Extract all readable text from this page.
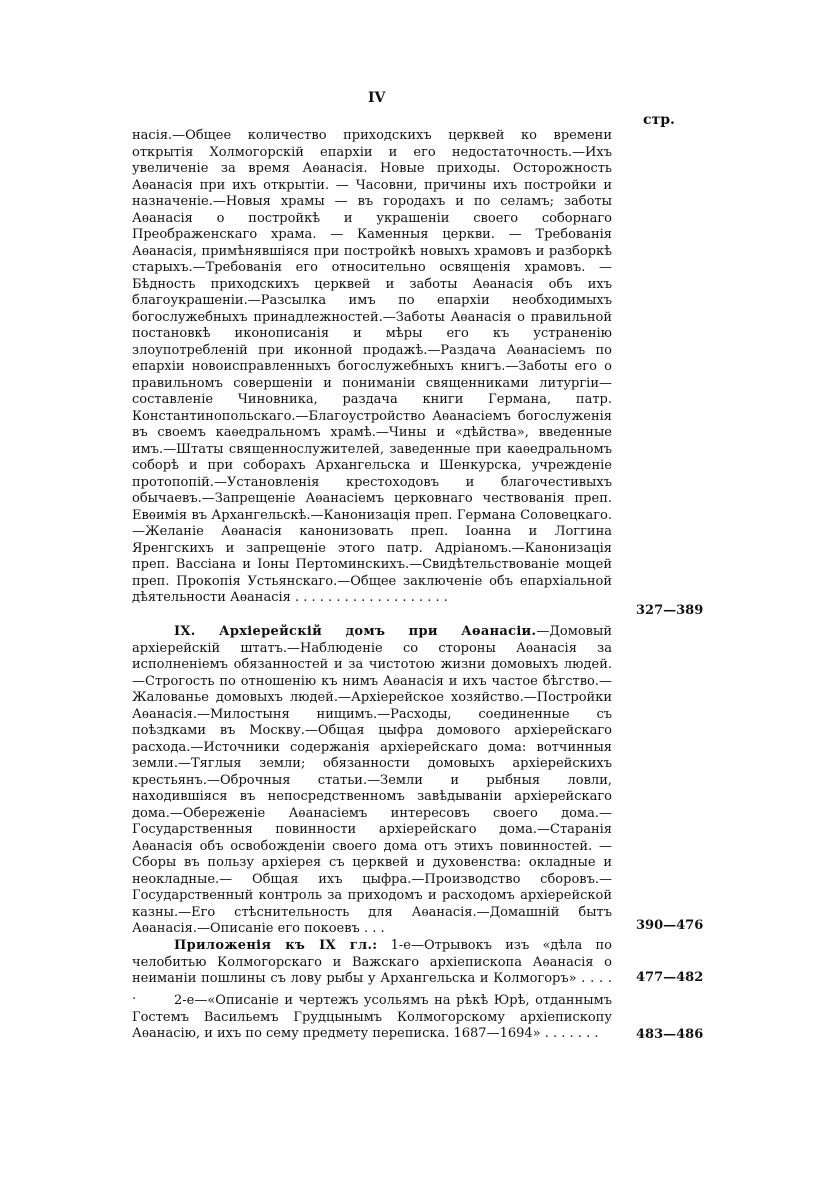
IV
стр.
насія.—Общее количество приходскихъ церквей ко времени открытія Холмогорскій епархіи и его недостаточность.—Ихъ увеличеніе за время Аѳанасія. Новые приходы. Осторожность Аѳанасія при ихъ открытіи. — Часовни, причины ихъ постройки и назначеніе.—Новыя храмы — въ городахъ и по селамъ; заботы Аѳанасія о постройкѣ и украшеніи своего соборнаго Преображенскаго храма. — Каменныя церкви. — Требованія Аѳанасія, примѣнявшіяся при постройкѣ новыхъ храмовъ и разборкѣ старыхъ.—Требованія его относительно освященія храмовъ. — Бѣдность приходскихъ церквей и заботы Аѳанасія объ ихъ благоукрашеніи.—Разсылка имъ по епархіи необходимыхъ богослужебныхъ принадлежностей.—Заботы Аѳанасія о правильной постановкѣ иконописанія и мѣры его къ устраненію злоупотребленій при иконной продажѣ.—Раздача Аѳанасіемъ по епархіи новоисправленныхъ богослужебныхъ книгъ.—Заботы его о правильномъ совершеніи и пониманіи священниками литургіи—составленіе Чиновника, раздача книги Германа, патр. Константинопольскаго.—Благоустройство Аѳанасіемъ богослуженія въ своемъ каѳедральномъ храмѣ.—Чины и «дѣйства», введенные имъ.—Штаты священнослужителей, заведенные при каѳедральномъ соборѣ и при соборахъ Архангельска и Шенкурска, учрежденіе протопопій.—Установленія крестоходовъ и благочестивыхъ обычаевъ.—Запрещеніе Аѳанасіемъ церковнаго чествованія преп. Евѳимія въ Архангельскѣ.—Канонизація преп. Германа Соловецкаго.—Желаніе Аѳанасія канонизовать преп. Іоанна и Логгина Яренгскихъ и запрещеніе этого патр. Адріаномъ.—Канонизація преп. Вассіана и Іоны Пертоминскихъ.—Свидѣтельствованіе мощей преп. Прокопія Устьянскаго.—Общее заключеніе объ епархіальной дѣятельности Аѳанасія . . . . . . . . . . . . . . . . . . .
327—389
IX. Архіерейскій домъ при Аѳанасіи.—Домовый архіерейскій штатъ.—Наблюденіе со стороны Аѳанасія за исполненіемъ обязанностей и за чистотою жизни домовыхъ людей.—Строгость по отношенію къ нимъ Аѳанасія и ихъ частое бѣгство.—Жалованье домовыхъ людей.—Архіерейское хозяйство.—Постройки Аѳанасія.—Милостыня нищимъ.—Расходы, соединенные съ поѣздками въ Москву.—Общая цыфра домового архіерейскаго расхода.—Источники содержанія архіерейскаго дома: вотчинныя земли.—Тяглыя земли; обязанности домовыхъ архіерейскихъ крестьянъ.—Оброчныя статьи.—Земли и рыбныя ловли, находившіяся въ непосредственномъ завѣдываніи архіерейскаго дома.—Обереженіе Аѳанасіемъ интересовъ своего дома.—Государственныя повинности архіерейскаго дома.—Старанія Аѳанасія объ освобожденіи своего дома отъ этихъ повинностей. — Сборы въ пользу архіерея съ церквей и духовенства: окладные и неокладные.— Общая ихъ цыфра.—Производство сборовъ.—Государственный контроль за приходомъ и расходомъ архіерейской казны.—Его стѣснительность для Аѳанасія.—Домашній бытъ Аѳанасія.—Описаніе его покоевъ . . .	390—476
Приложенія къ IX гл.: 1-е—Отрывокъ изъ «дѣла по челобитью Колмогорскаго и Важскаго архіепископа Аѳанасія о неиманіи пошлины съ лову рыбы у Архангельска и Колмогоръ» . . . . .
477—482
2-е—«Описаніе и чертежъ усольямъ на рѣкѣ Юрѣ, отданнымъ Гостемъ Васильемъ Грудцынымъ Колмогорскому архіепископу Аѳанасію, и ихъ по сему предмету переписка. 1687—1694» . . . . . . .	483—486
